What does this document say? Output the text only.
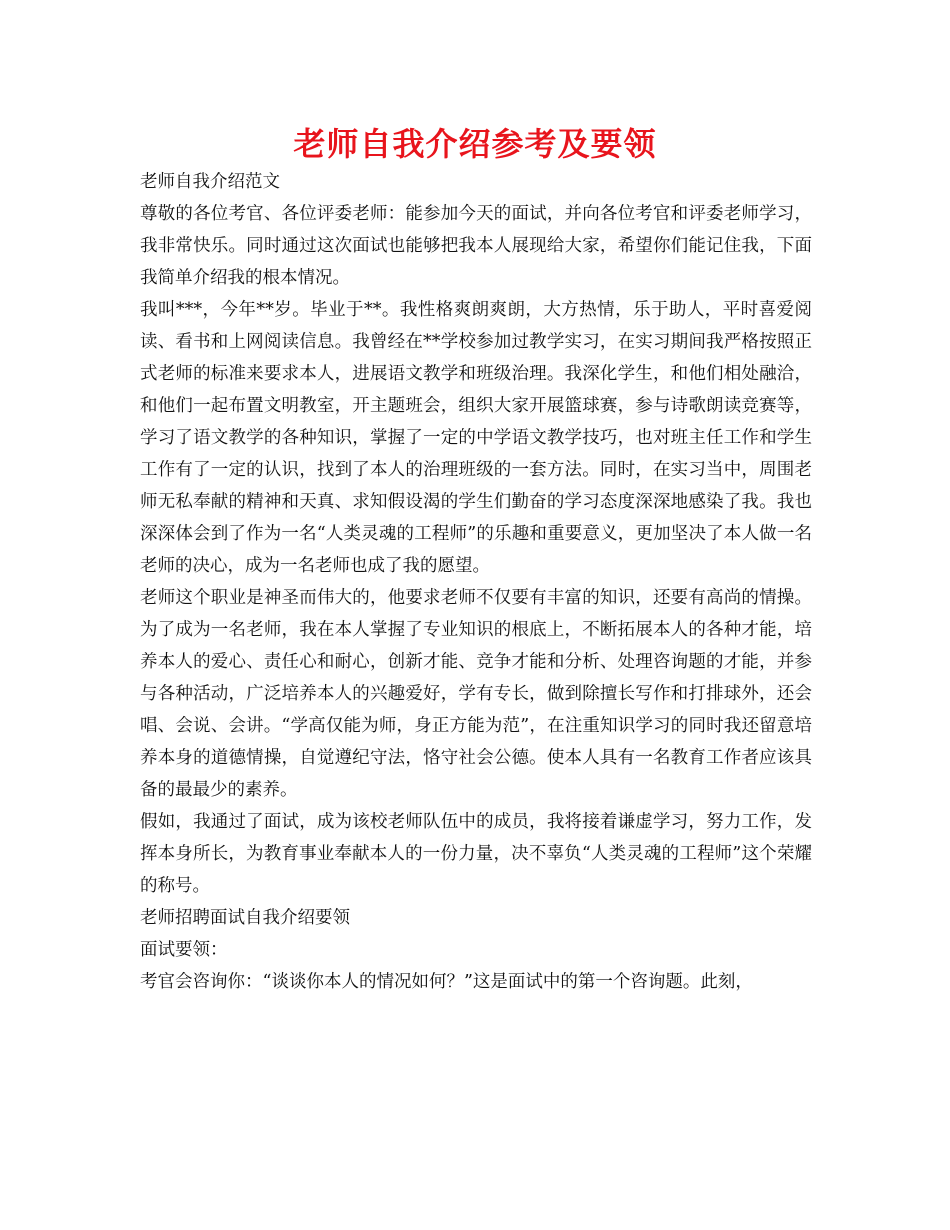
老师自我介绍参考及要领

老师自我介绍范文

尊敬的各位考官、各位评委老师：能参加今天的面试，并向各位考官和评委老师学习，我非常快乐。同时通过这次面试也能够把我本人展现给大家，希望你们能记住我，下面我简单介绍我的根本情况。

我叫***，今年**岁。毕业于**。我性格爽朗爽朗，大方热情，乐于助人，平时喜爱阅读、看书和上网阅读信息。我曾经在**学校参加过教学实习，在实习期间我严格按照正式老师的标准来要求本人，进展语文教学和班级治理。我深化学生，和他们相处融洽，和他们一起布置文明教室，开主题班会，组织大家开展篮球赛，参与诗歌朗读竞赛等，学习了语文教学的各种知识，掌握了一定的中学语文教学技巧，也对班主任工作和学生工作有了一定的认识，找到了本人的治理班级的一套方法。同时，在实习当中，周围老师无私奉献的精神和天真、求知假设渴的学生们勤奋的学习态度深深地感染了我。我也深深体会到了作为一名“人类灵魂的工程师”的乐趣和重要意义，更加坚决了本人做一名老师的决心，成为一名老师也成了我的愿望。

老师这个职业是神圣而伟大的，他要求老师不仅要有丰富的知识，还要有高尚的情操。为了成为一名老师，我在本人掌握了专业知识的根底上，不断拓展本人的各种才能，培养本人的爱心、责任心和耐心，创新才能、竞争才能和分析、处理咨询题的才能，并参与各种活动，广泛培养本人的兴趣爱好，学有专长，做到除擅长写作和打排球外，还会唱、会说、会讲。“学高仅能为师，身正方能为范”，在注重知识学习的同时我还留意培养本身的道德情操，自觉遵纪守法，恪守社会公德。使本人具有一名教育工作者应该具备的最最少的素养。

假如，我通过了面试，成为该校老师队伍中的成员，我将接着谦虚学习，努力工作，发挥本身所长，为教育事业奉献本人的一份力量，决不辜负“人类灵魂的工程师”这个荣耀的称号。

老师招聘面试自我介绍要领

面试要领：

考官会咨询你：“谈谈你本人的情况如何？”这是面试中的第一个咨询题。此刻，
